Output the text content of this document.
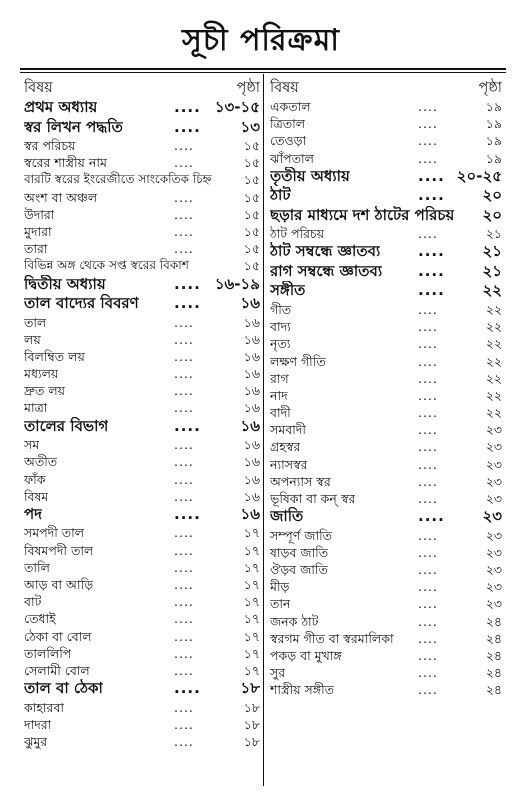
সূচী পরিক্রমা
বিষয়	পৃষ্ঠা
প্রথম অধ্যায়	.... ১৩-১৫
স্বর লিখন পদ্ধতি	....	১৩
স্বর পরিচয়	....	১৫
স্বরের শাস্ত্রীয় নাম	....	১৫
বারটি স্বরের ইংরেজীতে সাংকেতিক চিহ্ন	১৫
অংশ বা অঞ্চল	....	১৫
উদারা	....	১৫
মুদারা	....	১৫
তারা	....	১৫
বিভিন্ন অঙ্গ থেকে সপ্ত স্বরের বিকাশ	১৫
দ্বিতীয় অধ্যায়	.... ১৬-১৯
তাল বাদ্যের বিবরণ ....	১৬
তাল	....	১৬
লয়	....	১৬
বিলম্বিত লয়	....	১৬
মধ্যলয়	....	১৬
দ্রুত লয়	....	১৬
মাত্রা	....	১৬
তালের বিভাগ	....	১৬
সম	....	১৬
অতীত	....	১৬
ফাঁক	....	১৬
বিষম	....	১৬
পদ	....	১৬
সমপদী তাল	....	১৭
বিষমপদী তাল	....	১৭
তালি	....	১৭
আড় বা আড়ি	....	১৭
বাট	....	১৭
তেধাই	....	১৭
ঠেকা বা বোল	....	১৭
তাললিপি	....	১৭
সেলামী বোল	....	১৭
তাল বা ঠেকা	....	১৮
কাহারবা	....	১৮
দাদরা	....	১৮
ঝুমুর	....	১৮
বিষয়	পৃষ্ঠা
একতাল	....	১৯
ত্রিতাল	....	১৯
তেওড়া	....	১৯
ঝাঁপতাল	....	১৯
তৃতীয় অধ্যায়	.... ২০-২৫
ঠাট	....	২০
ছড়ার মাধ্যমে দশ ঠাটের পরিচয় ২০
ঠাট পরিচয়	....	২১
ঠাট সম্বন্ধে জ্ঞাতব্য	....	২১
রাগ সম্বন্ধে জ্ঞাতব্য ....	২১
সঙ্গীত	....	২২
গীত	....	২২
বাদ্য	....	২২
নৃত্য	....	২২
লক্ষণ গীতি	....	২২
রাগ	....	২২
নাদ	....	২২
বাদী	....	২২
সমবাদী	....	২৩
গ্রহস্বর	....	২৩
ন্যাসস্বর	....	২৩
অপন্যাস স্বর	....	২৩
ভূষিকা বা কন্ স্বর	....	২৩
জাতি	....	২৩
সম্পূর্ণ জাতি	....	২৩
ষাড়ব জাতি	....	২৩
ঔড়ব জাতি	....	২৩
মীড়	....	২৩
তান	....	২৩
জনক ঠাট	....	২৪
স্বরগম গীত বা স্বরমালিকা ....	২৪
পকড় বা মুখাঙ্গ	....	২৪
সুর	....	২৪
শাস্ত্রীয় সঙ্গীত	....	২৪
